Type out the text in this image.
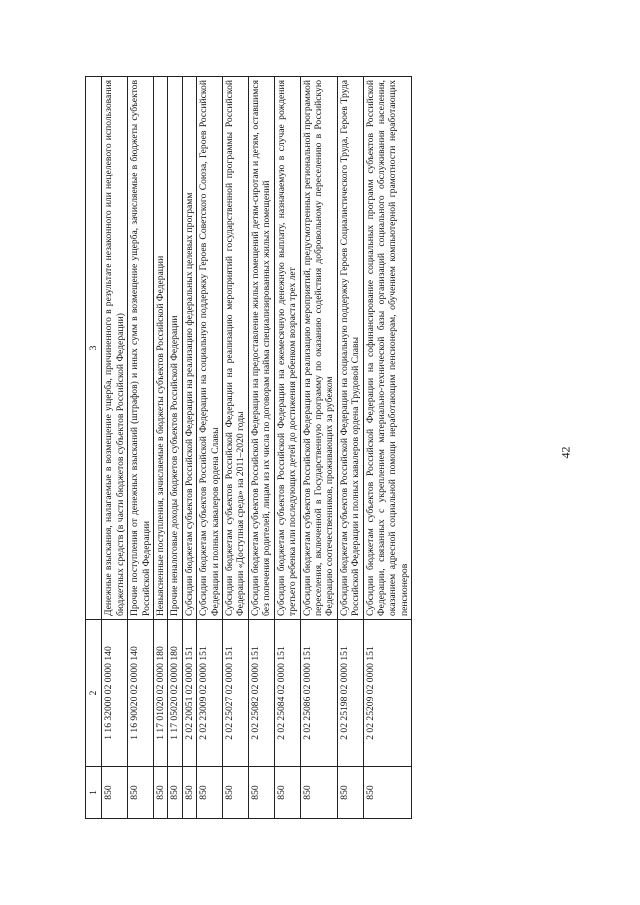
42
1	2	3
850	1 16 32000 02 0000 140	Денежные взыскания, налагаемые в возмещение ущерба, причиненного в результате незаконного или нецелевого использования бюджетных средств (в части бюджетов субъектов Российской Федерации)
850	1 16 90020 02 0000 140	Прочие поступления от денежных взысканий (штрафов) и иных сумм в возмещение ущерба, зачисляемые в бюджеты субъектов Российской Федерации
850	1 17 01020 02 0000 180	Невыясненные поступления, зачисляемые в бюджеты субъектов Российской Федерации
850	1 17 05020 02 0000 180	Прочие неналоговые доходы бюджетов субъектов Российской Федерации
850	2 02 20051 02 0000 151	Субсидии бюджетам субъектов Российской Федерации на реализацию федеральных целевых программ
850	2 02 23009 02 0000 151	Субсидии бюджетам субъектов Российской Федерации на социальную поддержку Героев Советского Союза, Героев Российской Федерации и полных кавалеров ордена Славы
850	2 02 25027 02 0000 151	Субсидии бюджетам субъектов Российской Федерации на реализацию мероприятий государственной программы Российской Федерации «Доступная среда» на 2011–2020 годы
850	2 02 25082 02 0000 151	Субсидии бюджетам субъектов Российской Федерации на предоставление жилых помещений детям-сиротам и детям, оставшимся без попечения родителей, лицам из их числа по договорам найма специализированных жилых помещений
850	2 02 25084 02 0000 151	Субсидии бюджетам субъектов Российской Федерации на ежемесячную денежную выплату, назначаемую в случае рождения третьего ребенка или последующих детей до достижения ребенком возраста трех лет
850	2 02 25086 02 0000 151	Субсидии бюджетам субъектов Российской Федерации на реализацию мероприятий, предусмотренных региональной программой переселения, включенной в Государственную программу по оказанию содействия добровольному переселению в Российскую Федерацию соотечественников, проживающих за рубежом
850	2 02 25198 02 0000 151	Субсидии бюджетам субъектов Российской Федерации на социальную поддержку Героев Социалистического Труда, Героев Труда Российской Федерации и полных кавалеров ордена Трудовой Славы
850	2 02 25209 02 0000 151	Субсидии бюджетам субъектов Российской Федерации на софинансирование социальных программ субъектов Российской Федерации, связанных с укреплением материально-технической базы организаций социального обслуживания населения, оказанием адресной социальной помощи неработающим пенсионерам, обучением компьютерной грамотности неработающих пенсионеров
